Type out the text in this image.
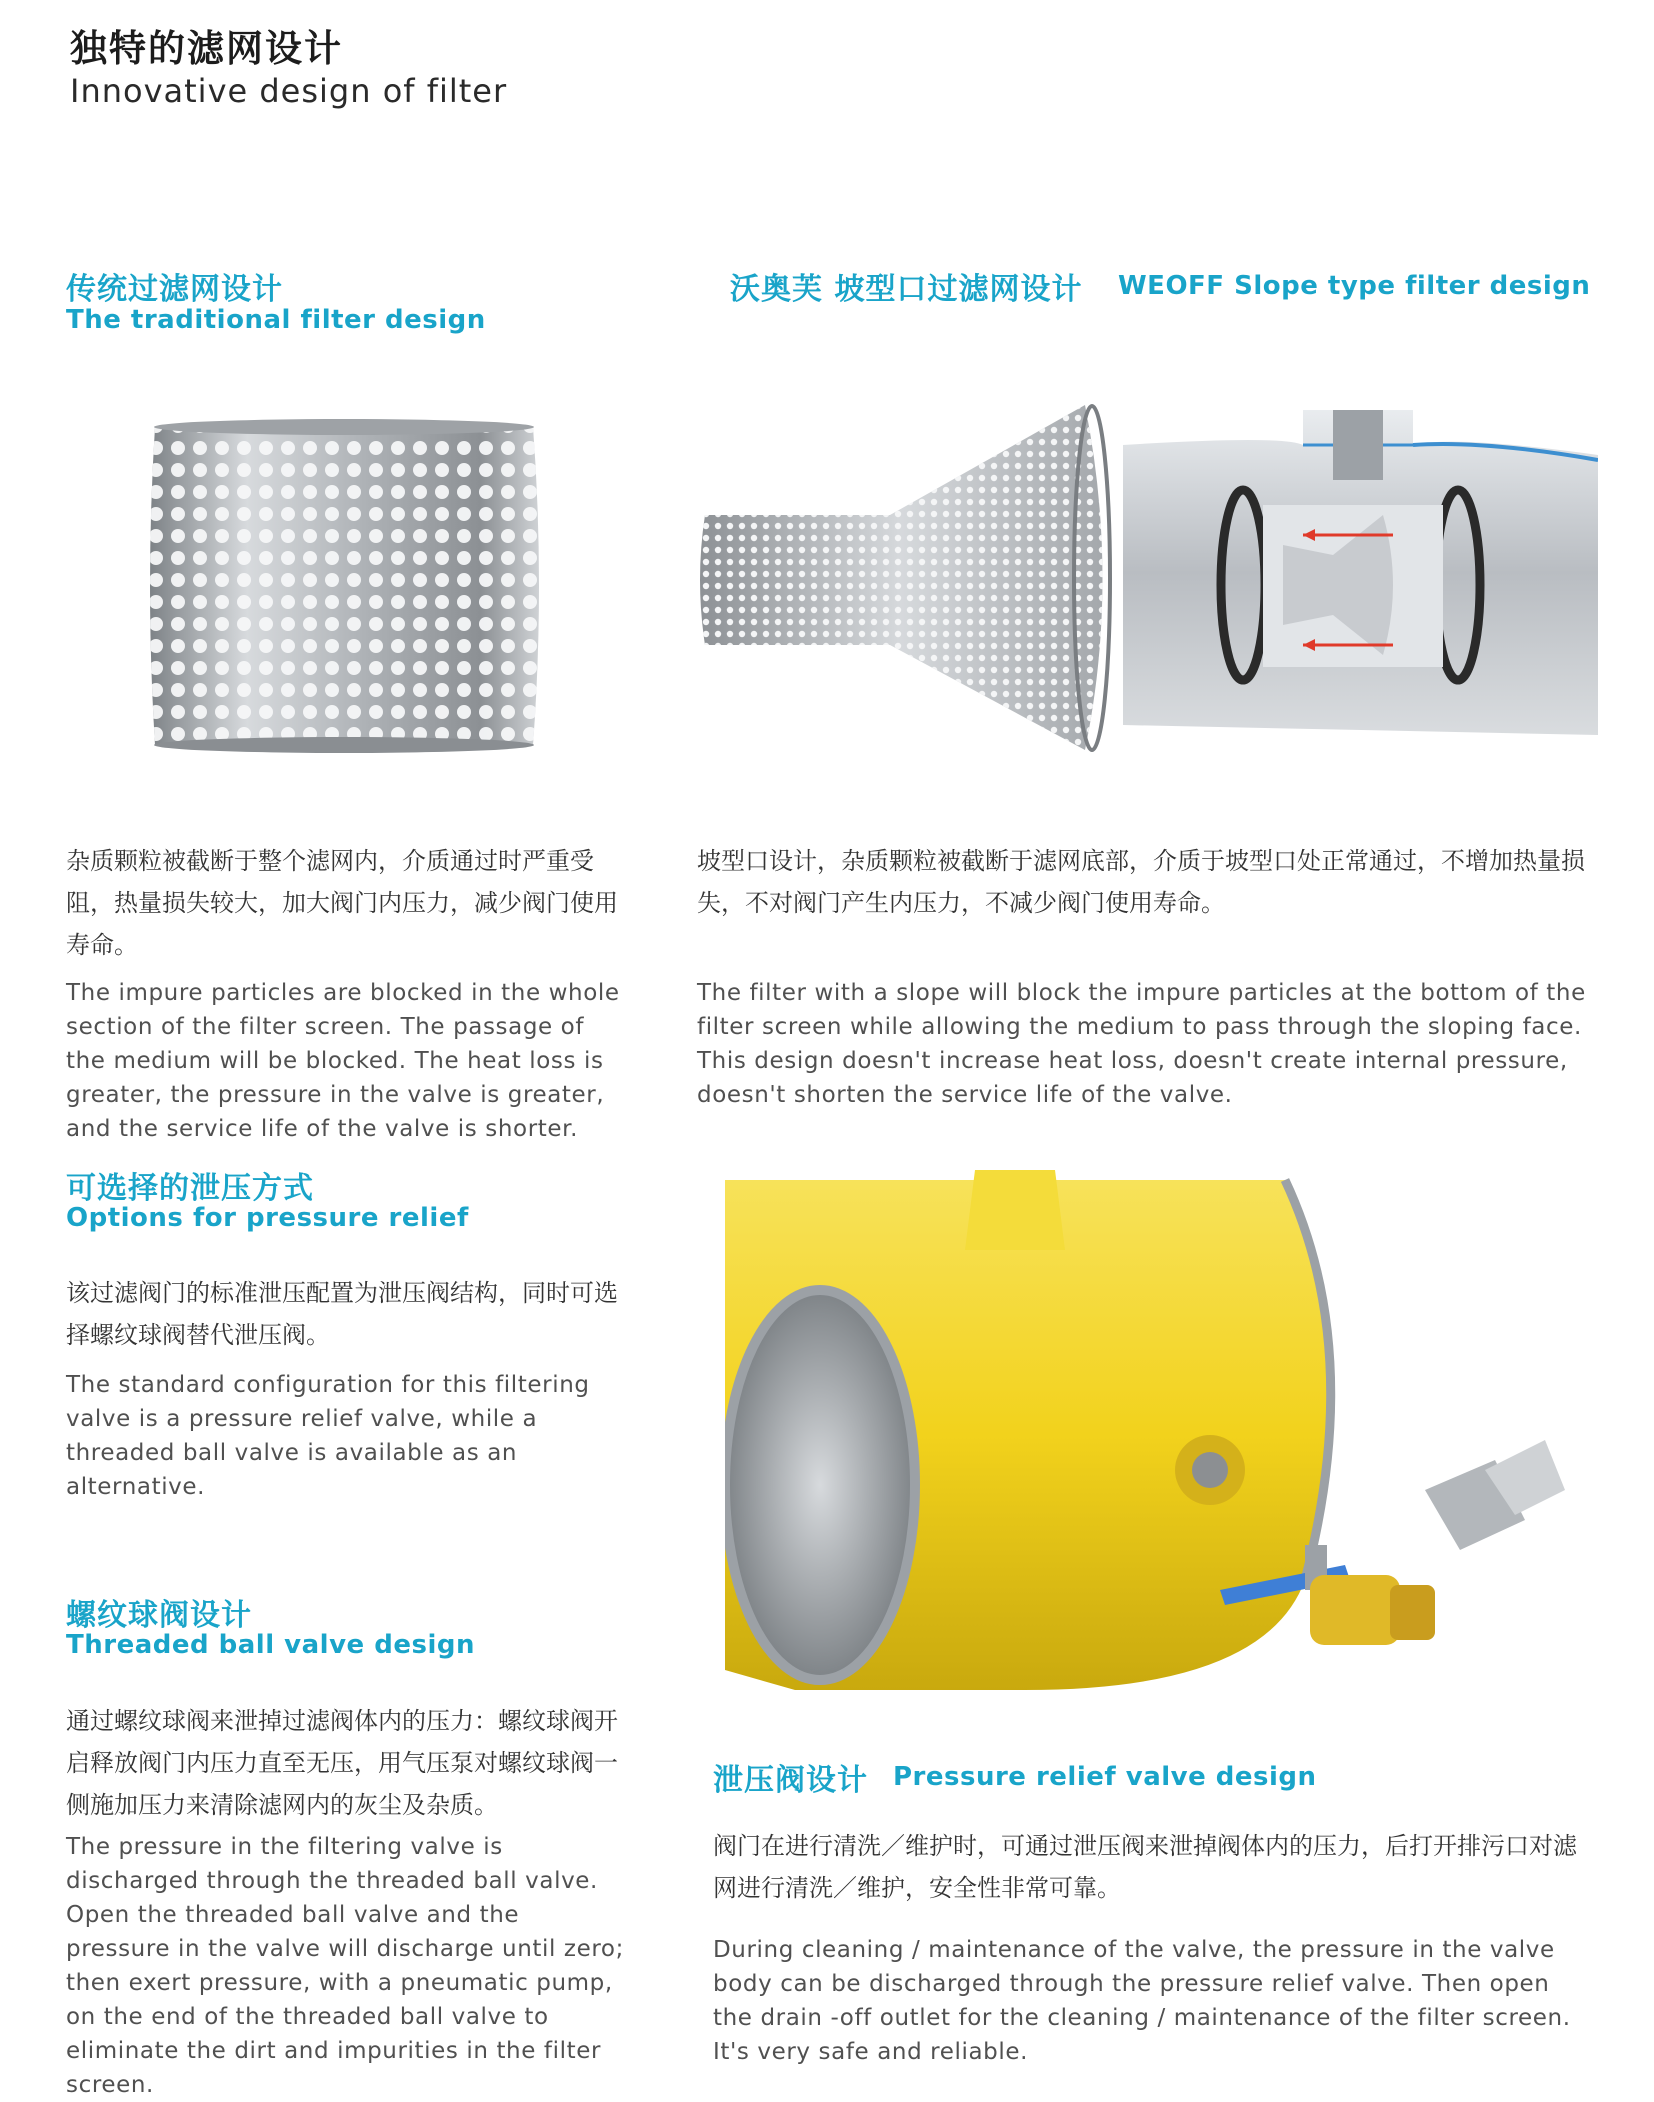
独特的滤网设计
Innovative design of filter
传统过滤网设计
The traditional filter design
杂质颗粒被截断于整个滤网内，介质通过时严重受阻，热量损失较大，加大阀门内压力，减少阀门使用寿命。
The impure particles are blocked in the whole section of the filter screen. The passage of the medium will be blocked. The heat loss is greater, the pressure in the valve is greater, and the service life of the valve is shorter.
沃奥芙 坡型口过滤网设计 WEOFF Slope type filter design
坡型口设计，杂质颗粒被截断于滤网底部，介质于坡型口处正常通过，不增加热量损失，不对阀门产生内压力，不减少阀门使用寿命。
The filter with a slope will block the impure particles at the bottom of the filter screen while allowing the medium to pass through the sloping face. This design doesn't increase heat loss, doesn't create internal pressure, doesn't shorten the service life of the valve.
可选择的泄压方式
Options for pressure relief
该过滤阀门的标准泄压配置为泄压阀结构，同时可选择螺纹球阀替代泄压阀。
The standard configuration for this filtering valve is a pressure relief valve, while a threaded ball valve is available as an alternative.
螺纹球阀设计
Threaded ball valve design
通过螺纹球阀来泄掉过滤阀体内的压力：螺纹球阀开启释放阀门内压力直至无压，用气压泵对螺纹球阀一侧施加压力来清除滤网内的灰尘及杂质。
The pressure in the filtering valve is discharged through the threaded ball valve. Open the threaded ball valve and the pressure in the valve will discharge until zero; then exert pressure, with a pneumatic pump, on the end of the threaded ball valve to eliminate the dirt and impurities in the filter screen.
泄压阀设计 Pressure relief valve design
阀门在进行清洗／维护时，可通过泄压阀来泄掉阀体内的压力，后打开排污口对滤网进行清洗／维护，安全性非常可靠。
During cleaning / maintenance of the valve, the pressure in the valve body can be discharged through the pressure relief valve. Then open the drain -off outlet for the cleaning / maintenance of the filter screen. It's very safe and reliable.
